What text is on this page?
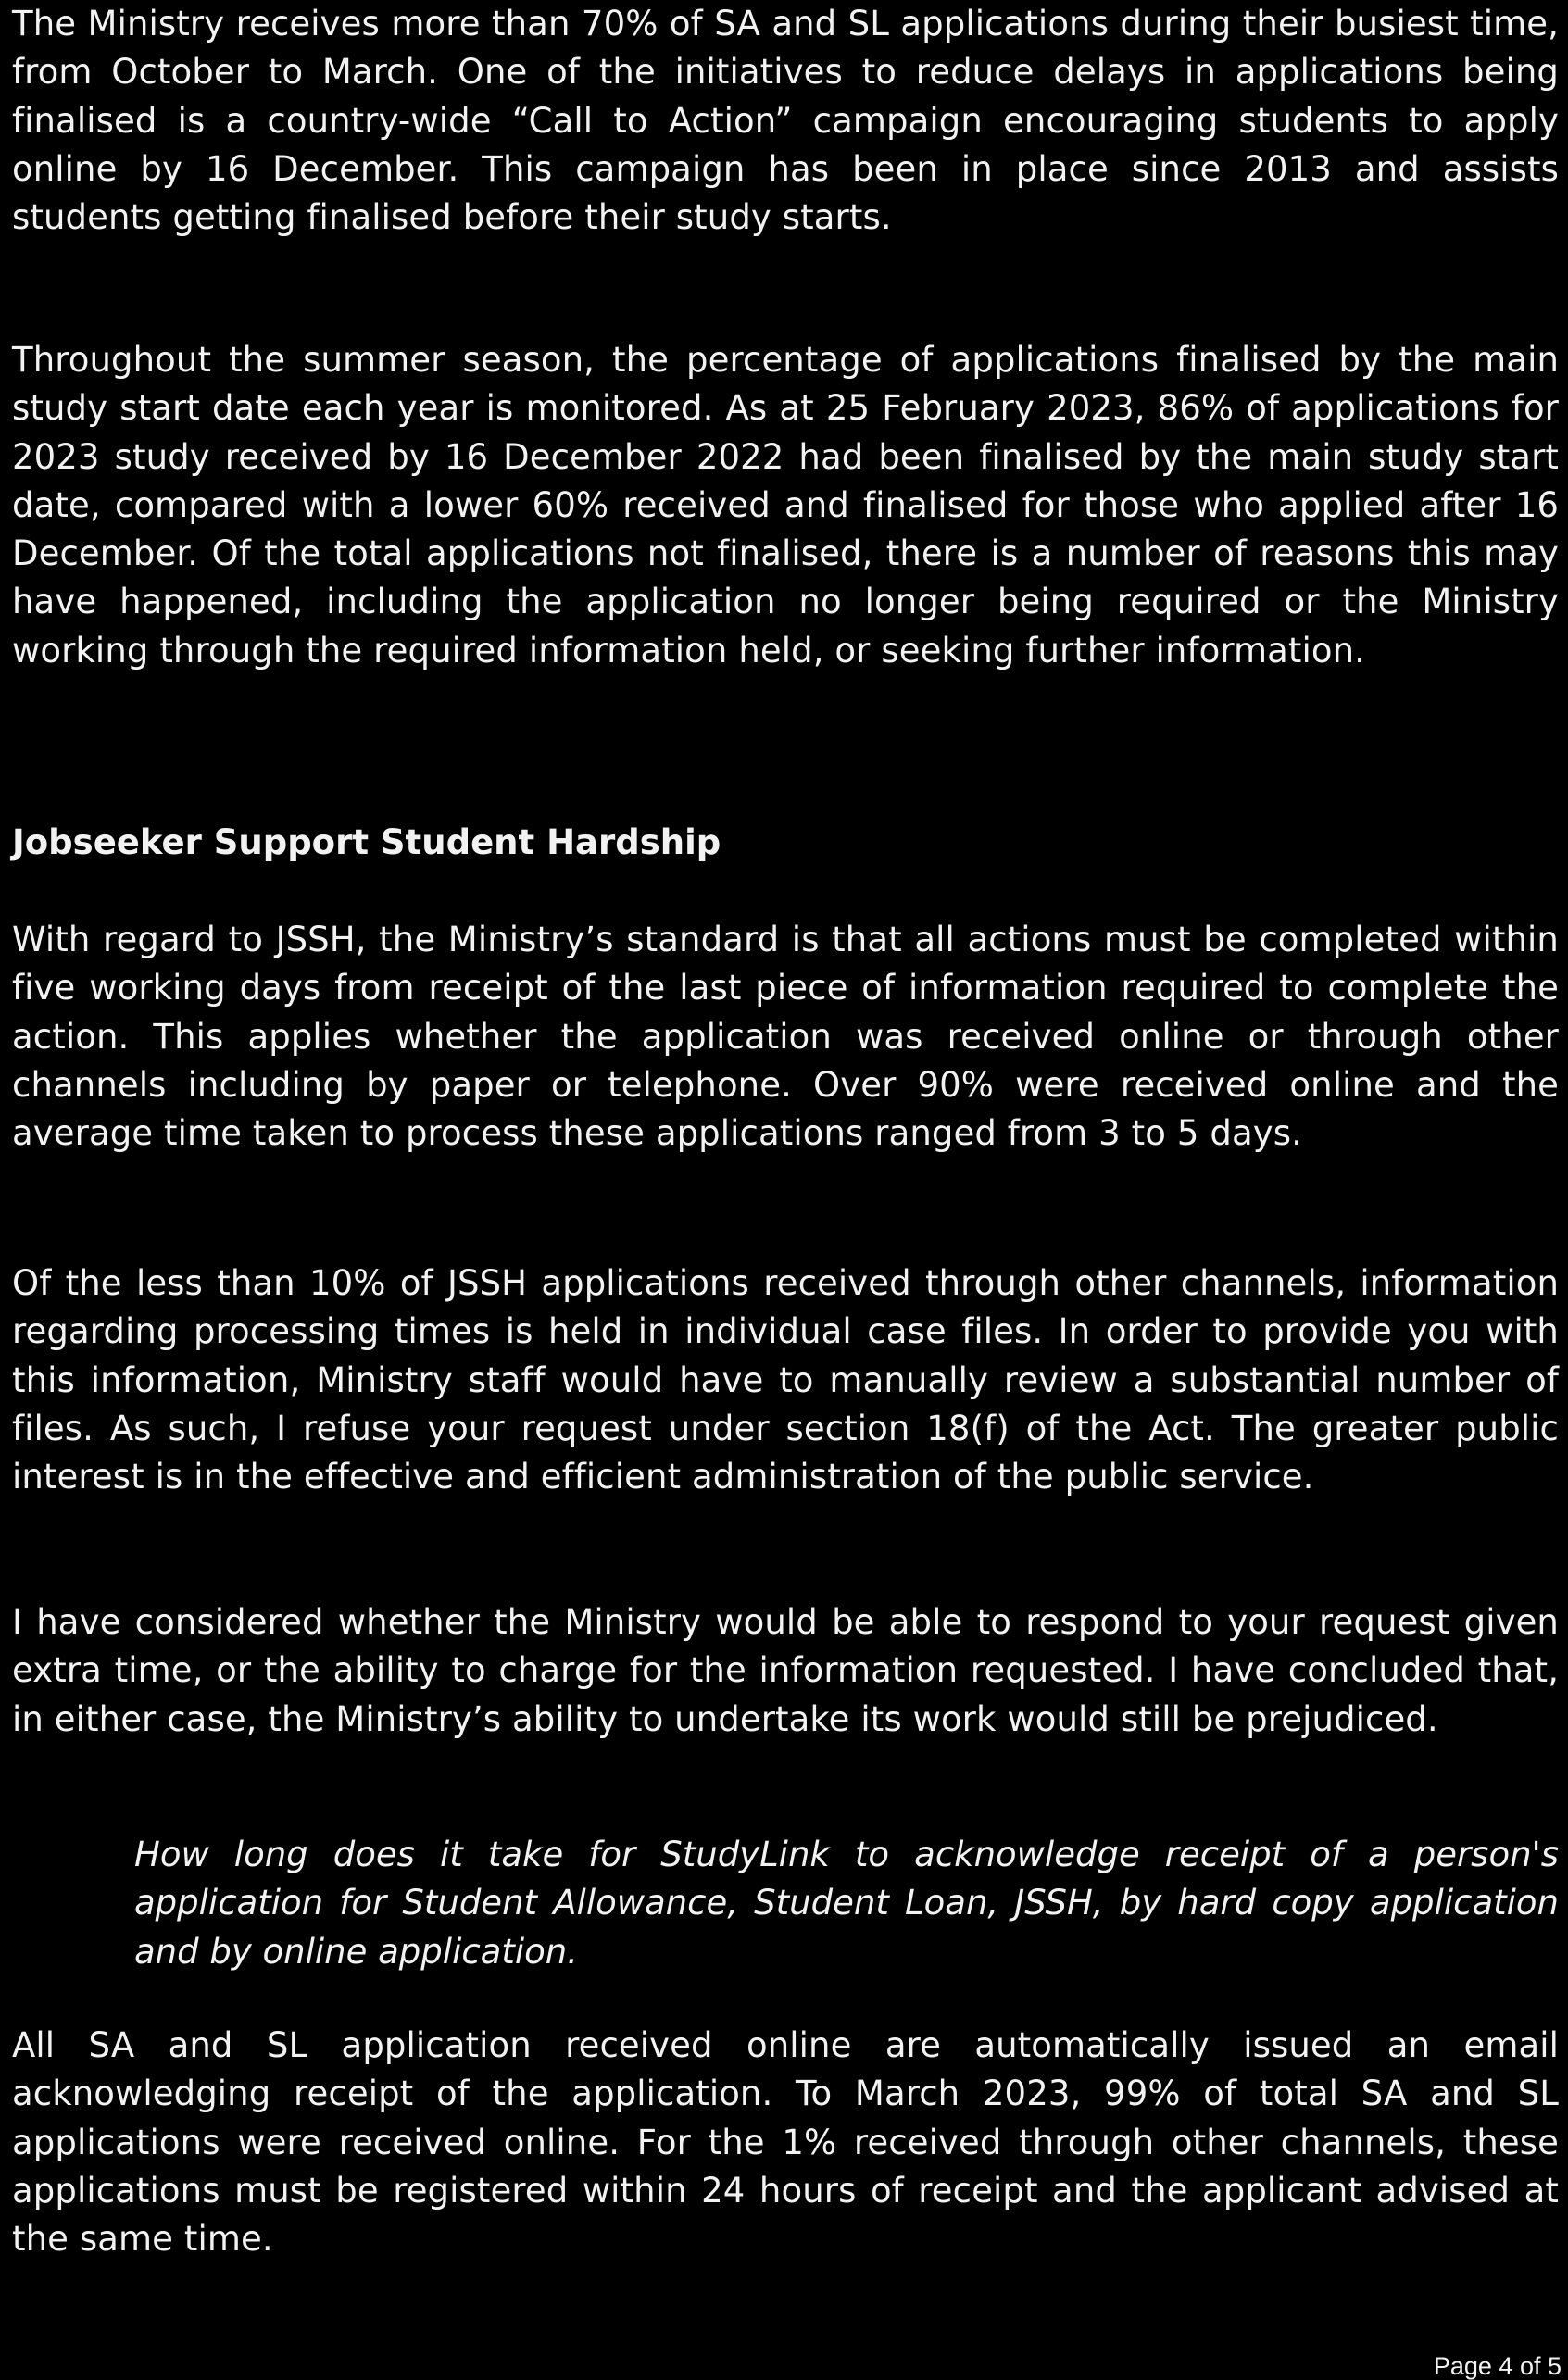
The Ministry receives more than 70% of SA and SL applications during their busiest time, from October to March. One of the initiatives to reduce delays in applications being finalised is a country-wide “Call to Action” campaign encouraging students to apply online by 16 December. This campaign has been in place since 2013 and assists students getting finalised before their study starts.

Throughout the summer season, the percentage of applications finalised by the main study start date each year is monitored. As at 25 February 2023, 86% of applications for 2023 study received by 16 December 2022 had been finalised by the main study start date, compared with a lower 60% received and finalised for those who applied after 16 December. Of the total applications not finalised, there is a number of reasons this may have happened, including the application no longer being required or the Ministry working through the required information held, or seeking further information.

Jobseeker Support Student Hardship

With regard to JSSH, the Ministry’s standard is that all actions must be completed within five working days from receipt of the last piece of information required to complete the action. This applies whether the application was received online or through other channels including by paper or telephone. Over 90% were received online and the average time taken to process these applications ranged from 3 to 5 days.

Of the less than 10% of JSSH applications received through other channels, information regarding processing times is held in individual case files. In order to provide you with this information, Ministry staff would have to manually review a substantial number of files. As such, I refuse your request under section 18(f) of the Act. The greater public interest is in the effective and efficient administration of the public service.

I have considered whether the Ministry would be able to respond to your request given extra time, or the ability to charge for the information requested. I have concluded that, in either case, the Ministry’s ability to undertake its work would still be prejudiced.

How long does it take for StudyLink to acknowledge receipt of a person's application for Student Allowance, Student Loan, JSSH, by hard copy application and by online application.

All SA and SL application received online are automatically issued an email acknowledging receipt of the application. To March 2023, 99% of total SA and SL applications were received online. For the 1% received through other channels, these applications must be registered within 24 hours of receipt and the applicant advised at the same time.

Page 4 of 5
